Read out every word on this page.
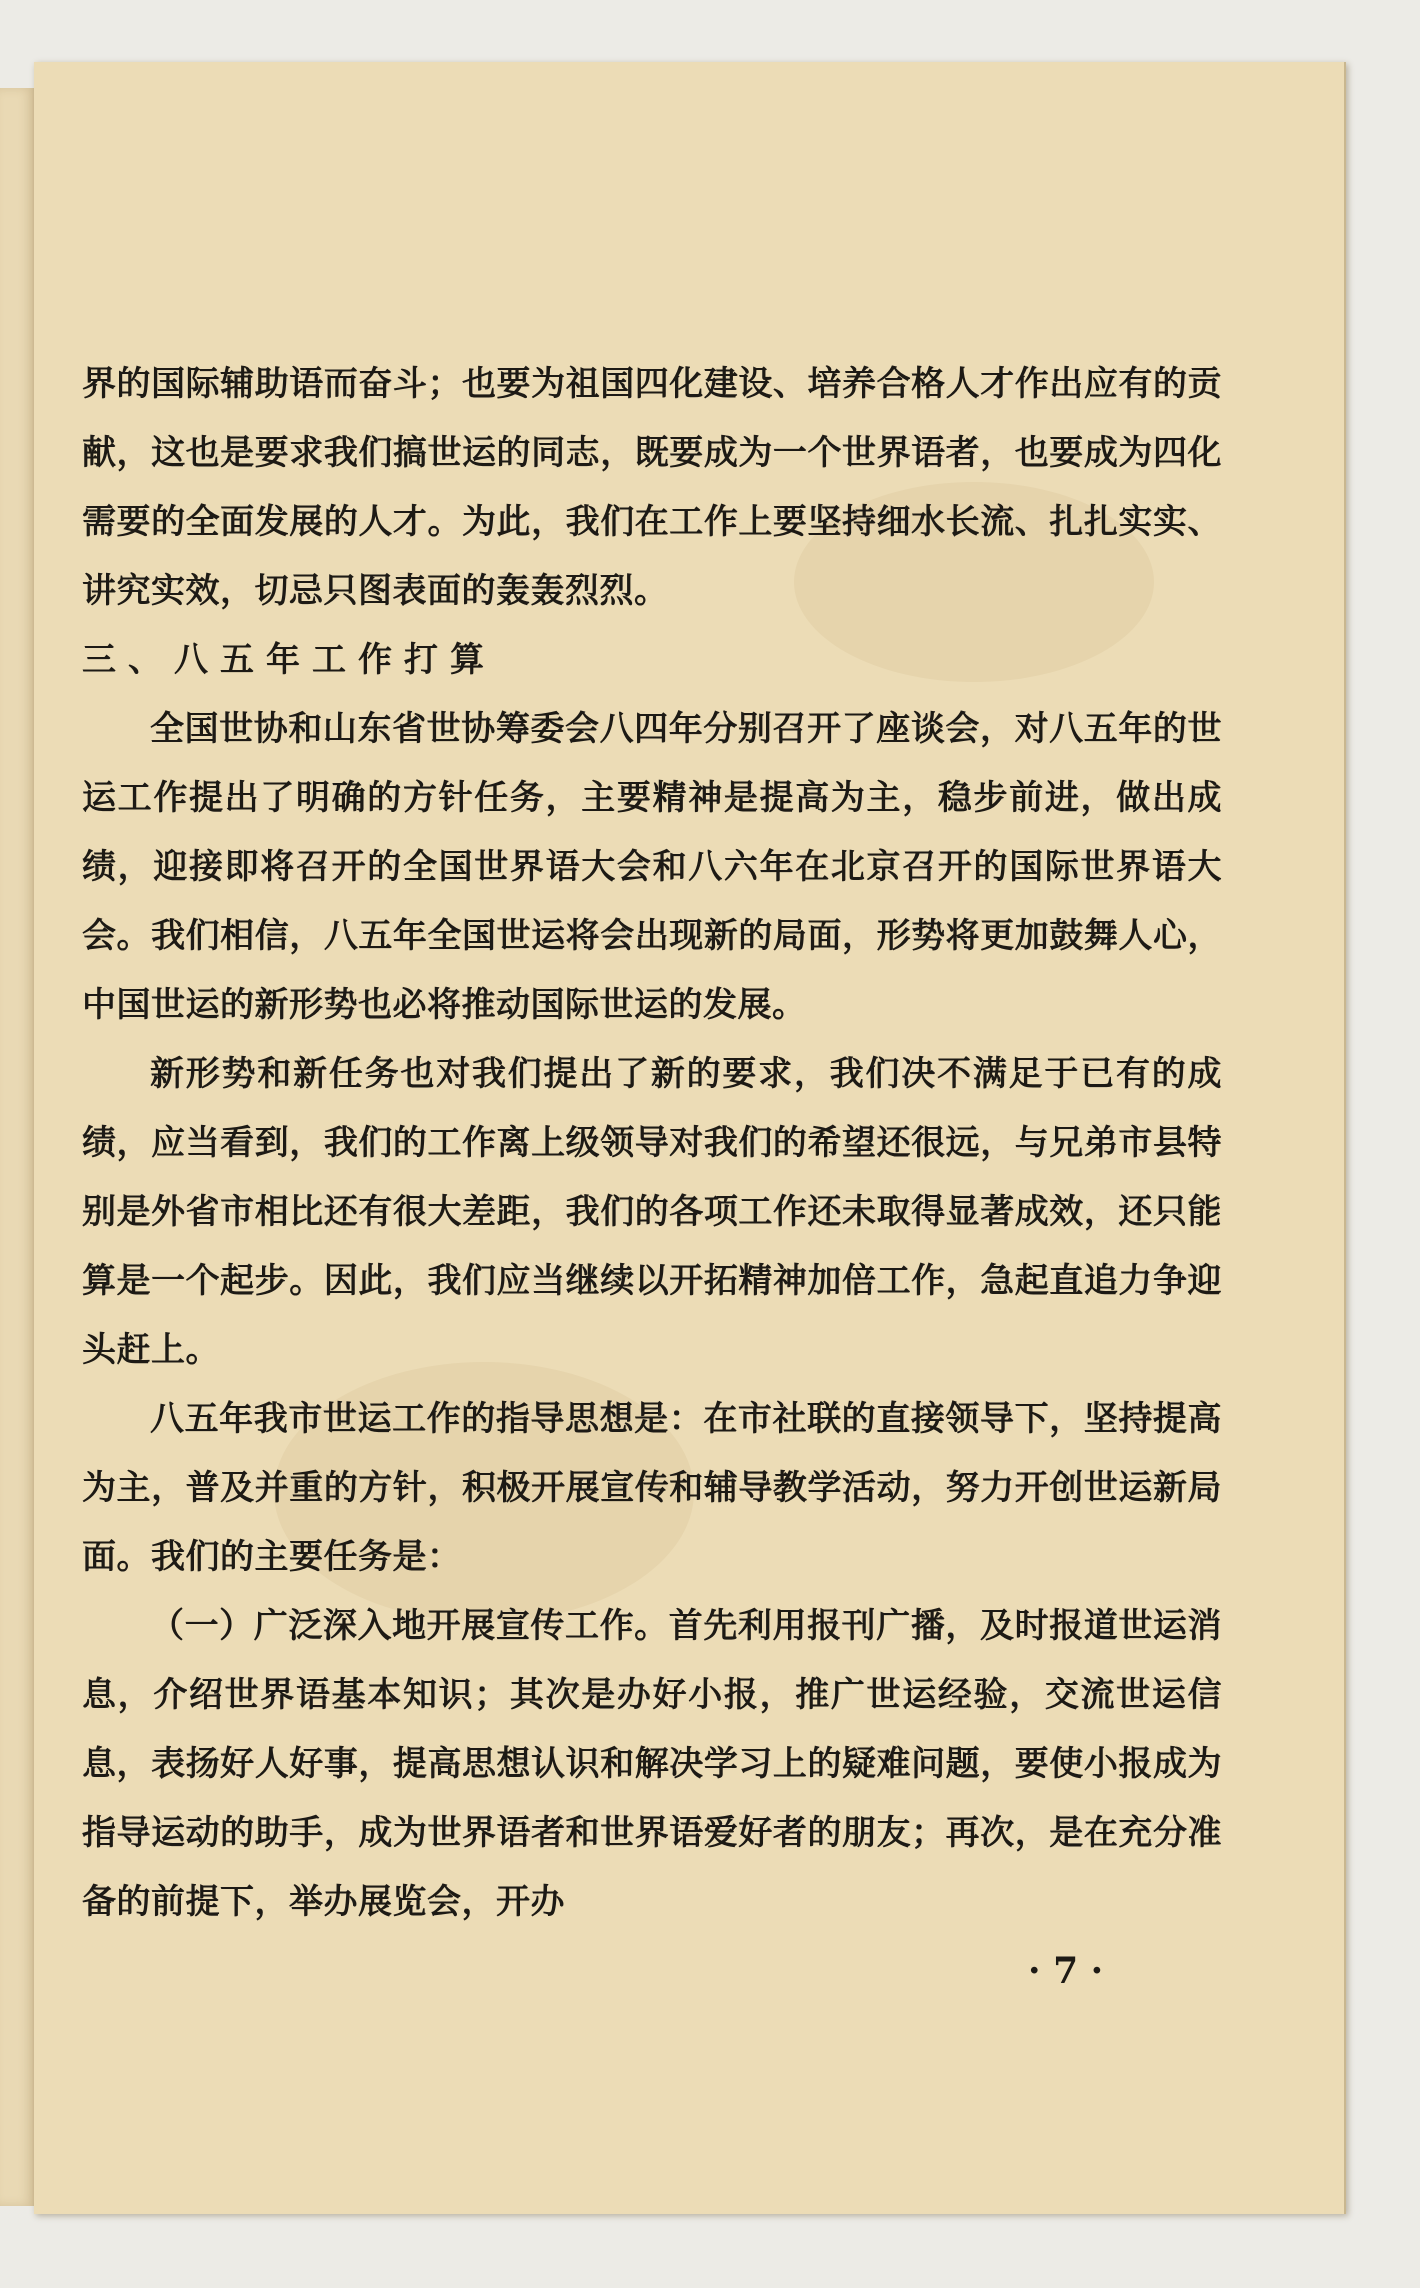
界的国际辅助语而奋斗；也要为祖国四化建设、培养合格人才作出应有的贡献，这也是要求我们搞世运的同志，既要成为一个世界语者，也要成为四化需要的全面发展的人才。为此，我们在工作上要坚持细水长流、扎扎实实、讲究实效，切忌只图表面的轰轰烈烈。

三、八五年工作打算

全国世协和山东省世协筹委会八四年分别召开了座谈会，对八五年的世运工作提出了明确的方针任务，主要精神是提高为主，稳步前进，做出成绩，迎接即将召开的全国世界语大会和八六年在北京召开的国际世界语大会。我们相信，八五年全国世运将会出现新的局面，形势将更加鼓舞人心，中国世运的新形势也必将推动国际世运的发展。

新形势和新任务也对我们提出了新的要求，我们决不满足于已有的成绩，应当看到，我们的工作离上级领导对我们的希望还很远，与兄弟市县特别是外省市相比还有很大差距，我们的各项工作还未取得显著成效，还只能算是一个起步。因此，我们应当继续以开拓精神加倍工作，急起直追力争迎头赶上。

八五年我市世运工作的指导思想是：在市社联的直接领导下，坚持提高为主，普及并重的方针，积极开展宣传和辅导教学活动，努力开创世运新局面。我们的主要任务是：

（一）广泛深入地开展宣传工作。首先利用报刊广播，及时报道世运消息，介绍世界语基本知识；其次是办好小报，推广世运经验，交流世运信息，表扬好人好事，提高思想认识和解决学习上的疑难问题，要使小报成为指导运动的助手，成为世界语者和世界语爱好者的朋友；再次，是在充分准备的前提下，举办展览会，开办

· 7 ·
